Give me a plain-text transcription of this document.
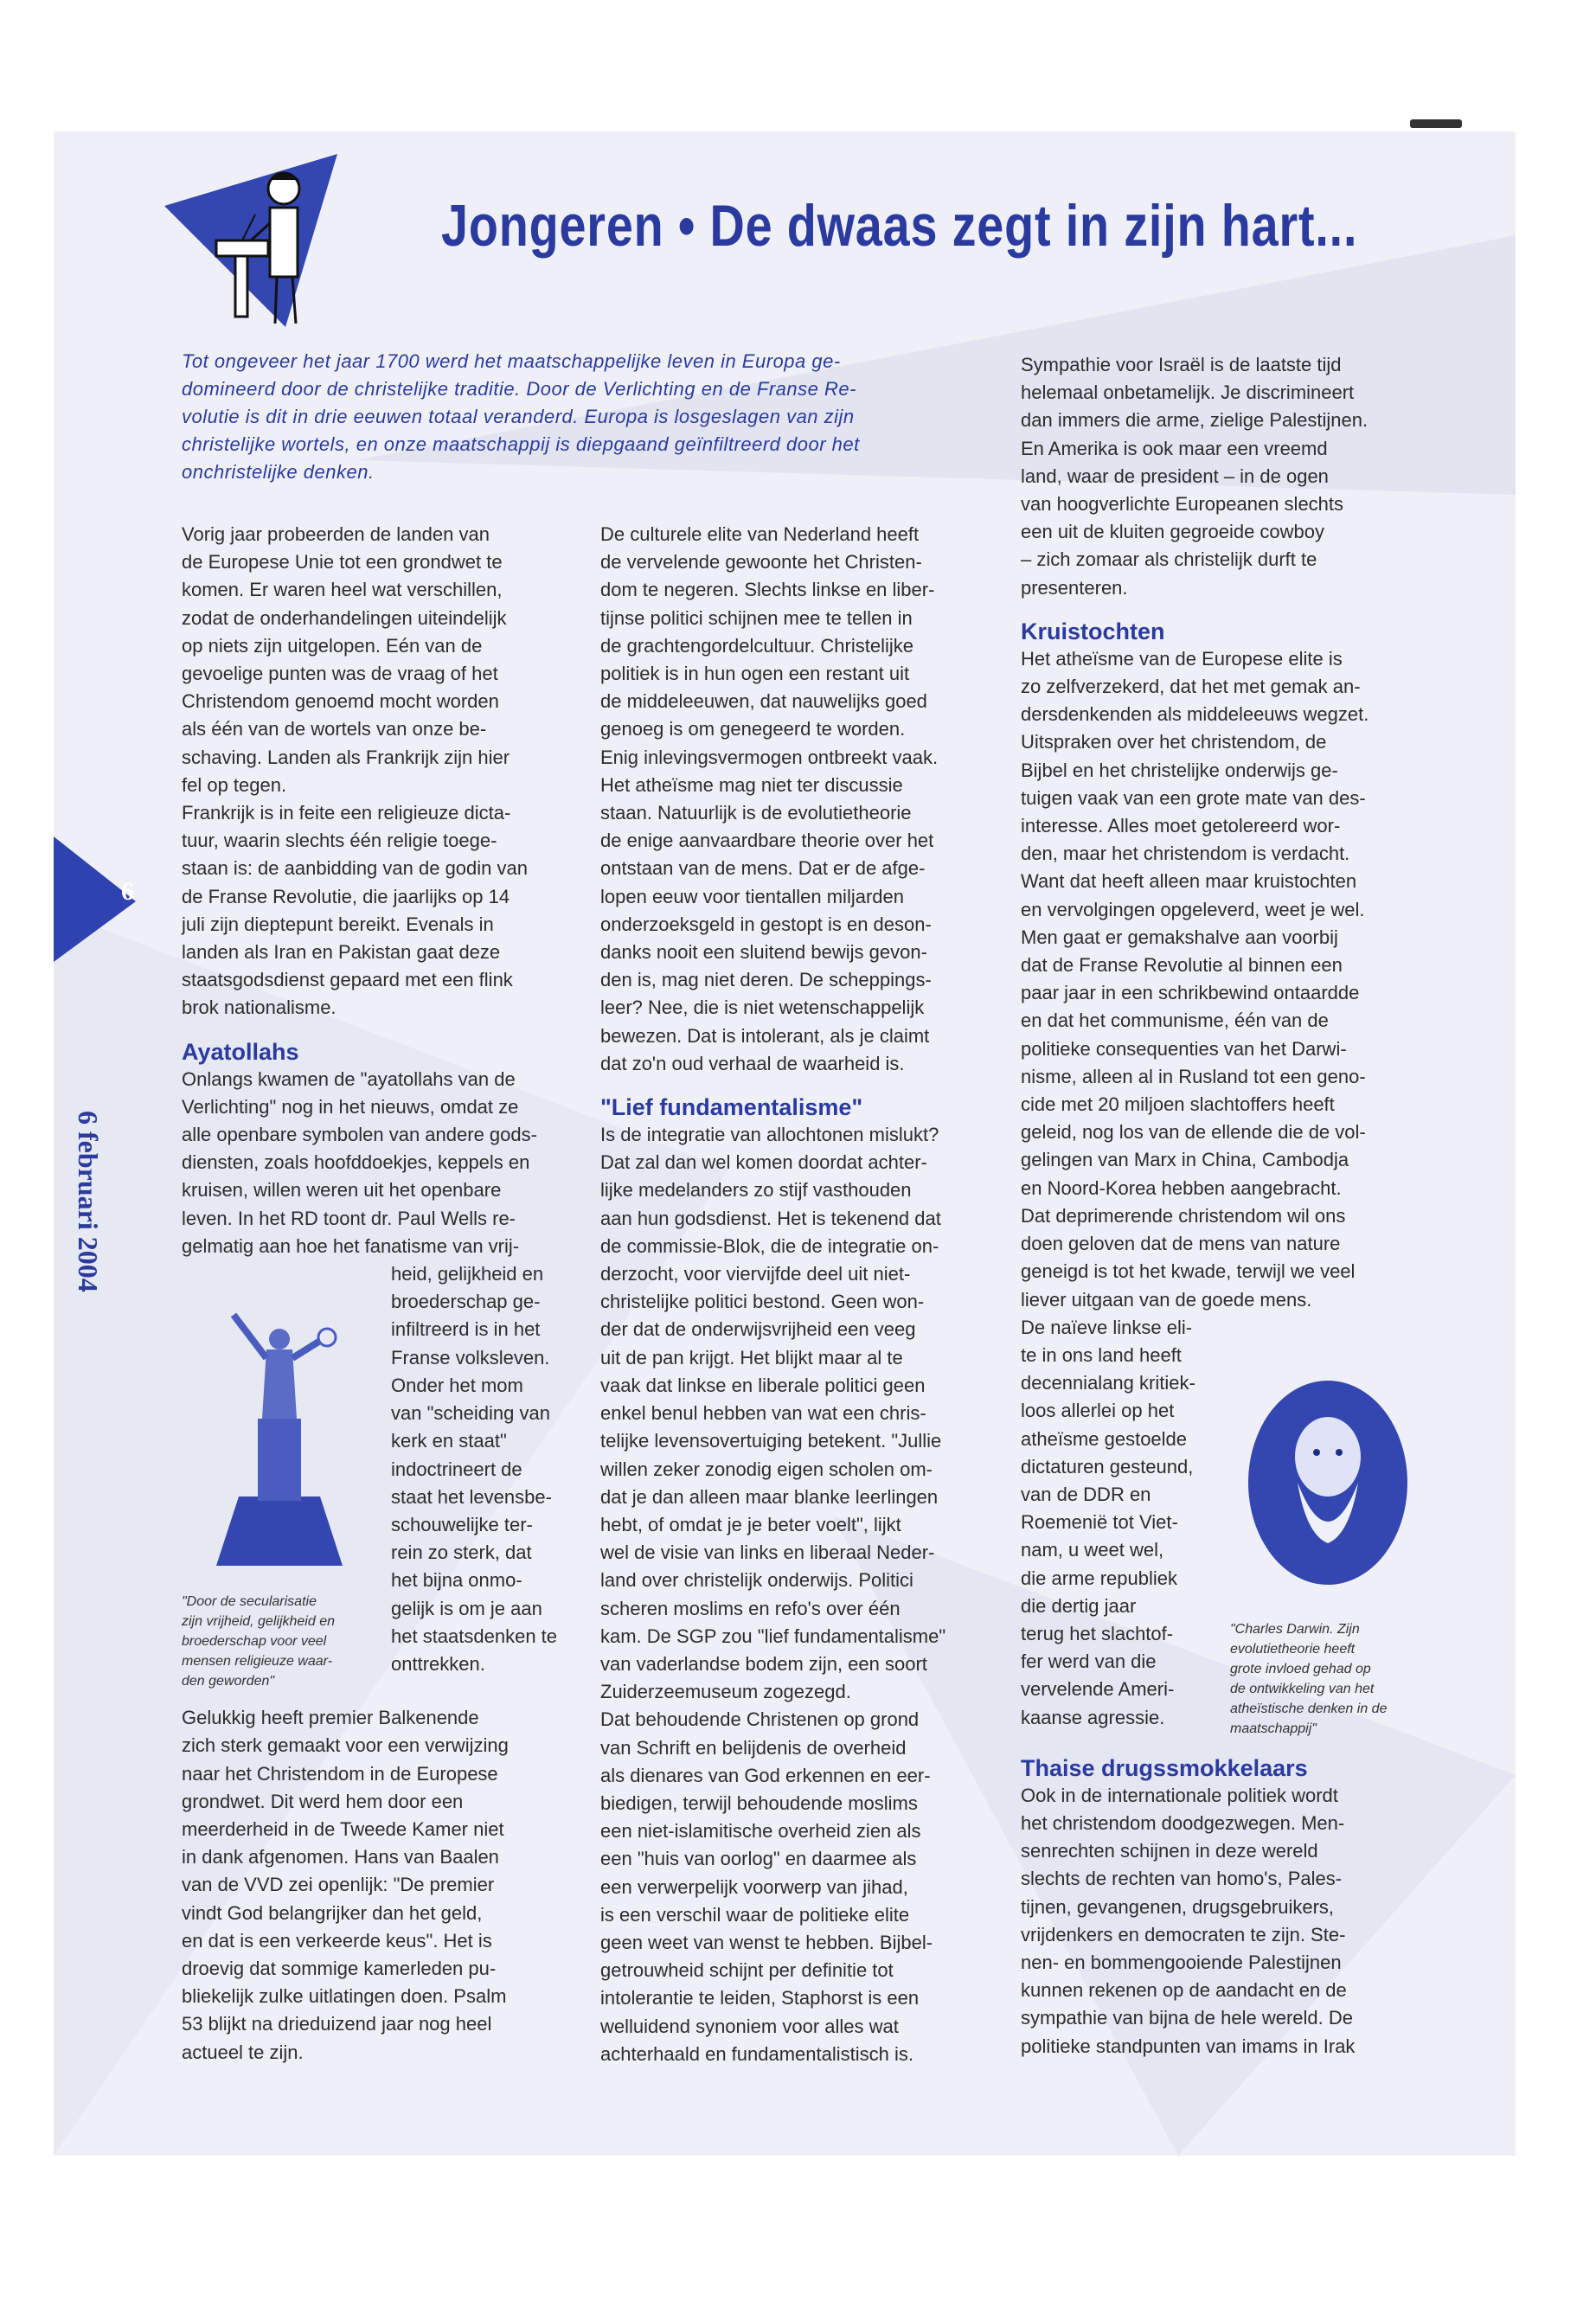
Jongeren • De dwaas zegt in zijn hart...

Tot ongeveer het jaar 1700 werd het maatschappelijke leven in Europa ge-

domineerd door de christelijke traditie. Door de Verlichting en de Franse Re-

volutie is dit in drie eeuwen totaal veranderd. Europa is losgeslagen van zijn

christelijke wortels, en onze maatschappij is diepgaand geïnfiltreerd door het

onchristelijke denken.

6
6 februari 2004

Vorig jaar probeerden de landen van

de Europese Unie tot een grondwet te

komen. Er waren heel wat verschillen,

zodat de onderhandelingen uiteindelijk

op niets zijn uitgelopen. Eén van de

gevoelige punten was de vraag of het

Christendom genoemd mocht worden

als één van de wortels van onze be-

schaving. Landen als Frankrijk zijn hier

fel op tegen.

Frankrijk is in feite een religieuze dicta-

tuur, waarin slechts één religie toege-

staan is: de aanbidding van de godin van

de Franse Revolutie, die jaarlijks op 14

juli zijn dieptepunt bereikt. Evenals in

landen als Iran en Pakistan gaat deze

staatsgodsdienst gepaard met een flink

brok nationalisme.

Ayatollahs

Onlangs kwamen de "ayatollahs van de

Verlichting" nog in het nieuws, omdat ze

alle openbare symbolen van andere gods-

diensten, zoals hoofddoekjes, keppels en

kruisen, willen weren uit het openbare

leven. In het RD toont dr. Paul Wells re-

gelmatig aan hoe het fanatisme van vrij-

heid, gelijkheid en

broederschap ge-

infiltreerd is in het

Franse volksleven.

Onder het mom

van "scheiding van

kerk en staat"

indoctrineert de

staat het levensbe-

schouwelijke ter-

rein zo sterk, dat

het bijna onmo-

gelijk is om je aan

het staatsdenken te

onttrekken.

Gelukkig heeft premier Balkenende

zich sterk gemaakt voor een verwijzing

naar het Christendom in de Europese

grondwet. Dit werd hem door een

meerderheid in de Tweede Kamer niet

in dank afgenomen. Hans van Baalen

van de VVD zei openlijk: "De premier

vindt God belangrijker dan het geld,

en dat is een verkeerde keus". Het is

droevig dat sommige kamerleden pu-

bliekelijk zulke uitlatingen doen. Psalm

53 blijkt na drieduizend jaar nog heel

actueel te zijn.

"Door de secularisatie

zijn vrijheid, gelijkheid en

broederschap voor veel

mensen religieuze waar-

den geworden"

De culturele elite van Nederland heeft

de vervelende gewoonte het Christen-

dom te negeren. Slechts linkse en liber-

tijnse politici schijnen mee te tellen in

de grachtengordelcultuur. Christelijke

politiek is in hun ogen een restant uit

de middeleeuwen, dat nauwelijks goed

genoeg is om genegeerd te worden.

Enig inlevingsvermogen ontbreekt vaak.

Het atheïsme mag niet ter discussie

staan. Natuurlijk is de evolutietheorie

de enige aanvaardbare theorie over het

ontstaan van de mens. Dat er de afge-

lopen eeuw voor tientallen miljarden

onderzoeksgeld in gestopt is en deson-

danks nooit een sluitend bewijs gevon-

den is, mag niet deren. De scheppings-

leer? Nee, die is niet wetenschappelijk

bewezen. Dat is intolerant, als je claimt

dat zo'n oud verhaal de waarheid is.

"Lief fundamentalisme"

Is de integratie van allochtonen mislukt?

Dat zal dan wel komen doordat achter-

lijke medelanders zo stijf vasthouden

aan hun godsdienst. Het is tekenend dat

de commissie-Blok, die de integratie on-

derzocht, voor viervijfde deel uit niet-

christelijke politici bestond. Geen won-

der dat de onderwijsvrijheid een veeg

uit de pan krijgt. Het blijkt maar al te

vaak dat linkse en liberale politici geen

enkel benul hebben van wat een chris-

telijke levensovertuiging betekent. "Jullie

willen zeker zonodig eigen scholen om-

dat je dan alleen maar blanke leerlingen

hebt, of omdat je je beter voelt", lijkt

wel de visie van links en liberaal Neder-

land over christelijk onderwijs. Politici

scheren moslims en refo's over één

kam. De SGP zou "lief fundamentalisme"

van vaderlandse bodem zijn, een soort

Zuiderzeemuseum zogezegd.

Dat behoudende Christenen op grond

van Schrift en belijdenis de overheid

als dienares van God erkennen en eer-

biedigen, terwijl behoudende moslims

een niet-islamitische overheid zien als

een "huis van oorlog" en daarmee als

een verwerpelijk voorwerp van jihad,

is een verschil waar de politieke elite

geen weet van wenst te hebben. Bijbel-

getrouwheid schijnt per definitie tot

intolerantie te leiden, Staphorst is een

welluidend synoniem voor alles wat

achterhaald en fundamentalistisch is.

Sympathie voor Israël is de laatste tijd

helemaal onbetamelijk. Je discrimineert

dan immers die arme, zielige Palestijnen.

En Amerika is ook maar een vreemd

land, waar de president – in de ogen

van hoogverlichte Europeanen slechts

een uit de kluiten gegroeide cowboy

– zich zomaar als christelijk durft te

presenteren.

Kruistochten

Het atheïsme van de Europese elite is

zo zelfverzekerd, dat het met gemak an-

dersdenkenden als middeleeuws wegzet.

Uitspraken over het christendom, de

Bijbel en het christelijke onderwijs ge-

tuigen vaak van een grote mate van des-

interesse. Alles moet getolereerd wor-

den, maar het christendom is verdacht.

Want dat heeft alleen maar kruistochten

en vervolgingen opgeleverd, weet je wel.

Men gaat er gemakshalve aan voorbij

dat de Franse Revolutie al binnen een

paar jaar in een schrikbewind ontaardde

en dat het communisme, één van de

politieke consequenties van het Darwi-

nisme, alleen al in Rusland tot een geno-

cide met 20 miljoen slachtoffers heeft

geleid, nog los van de ellende die de vol-

gelingen van Marx in China, Cambodja

en Noord-Korea hebben aangebracht.

Dat deprimerende christendom wil ons

doen geloven dat de mens van nature

geneigd is tot het kwade, terwijl we veel

liever uitgaan van de goede mens.

De naïeve linkse eli-

te in ons land heeft

decennialang kritiek-

loos allerlei op het

atheïsme gestoelde

dictaturen gesteund,

van de DDR en

Roemenië tot Viet-

nam, u weet wel,

die arme republiek

die dertig jaar

terug het slachtof-

fer werd van die

vervelende Ameri-

kaanse agressie.

Thaise drugssmokkelaars

Ook in de internationale politiek wordt

het christendom doodgezwegen. Men-

senrechten schijnen in deze wereld

slechts de rechten van homo's, Pales-

tijnen, gevangenen, drugsgebruikers,

vrijdenkers en democraten te zijn. Ste-

nen- en bommengooiende Palestijnen

kunnen rekenen op de aandacht en de

sympathie van bijna de hele wereld. De

politieke standpunten van imams in Irak

"Charles Darwin. Zijn

evolutietheorie heeft

grote invloed gehad op

de ontwikkeling van het

atheïstische denken in de

maatschappij"
